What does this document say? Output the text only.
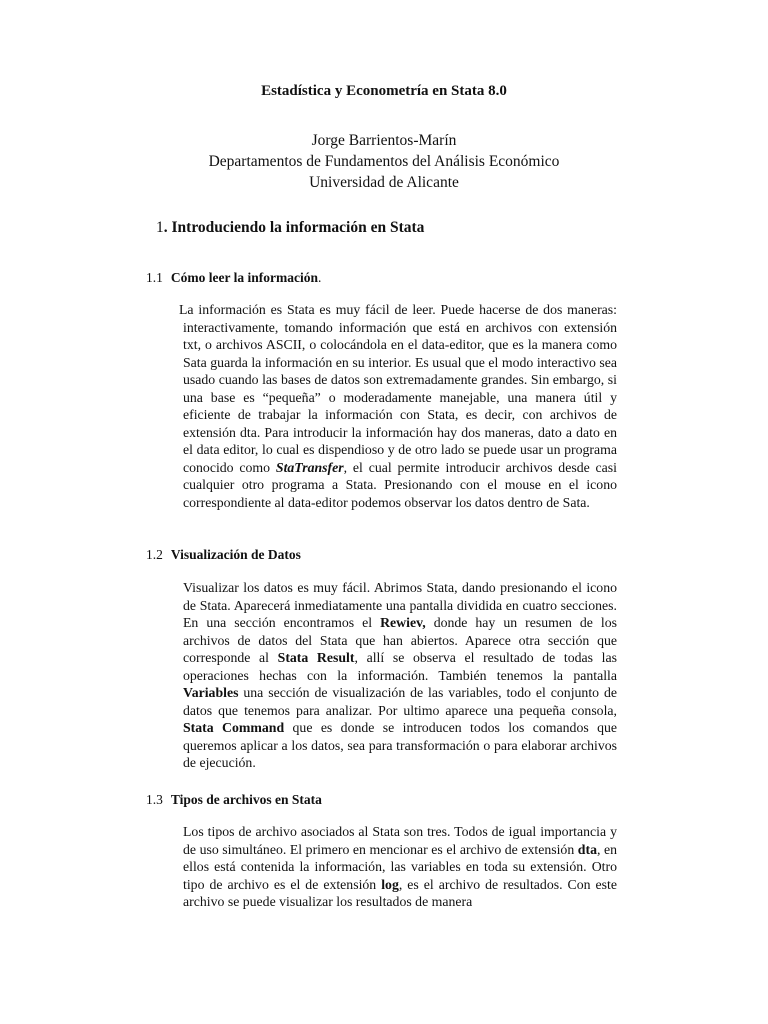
Estadística y Econometría en Stata 8.0
Jorge Barrientos-Marín
Departamentos de Fundamentos del Análisis Económico
Universidad de Alicante
1. Introduciendo la información en Stata
1.1 Cómo leer la información.
La información es Stata es muy fácil de leer. Puede hacerse de dos maneras: interactivamente, tomando información que está en archivos con extensión txt, o archivos ASCII, o colocándola en el data-editor, que es la manera como Sata guarda la información en su interior. Es usual que el modo interactivo sea usado cuando las bases de datos son extremadamente grandes. Sin embargo, si una base es “pequeña” o moderadamente manejable, una manera útil y eficiente de trabajar la información con Stata, es decir, con archivos de extensión dta. Para introducir la información hay dos maneras, dato a dato en el data editor, lo cual es dispendioso y de otro lado se puede usar un programa conocido como StaTransfer, el cual permite introducir archivos desde casi cualquier otro programa a Stata. Presionando con el mouse en el icono correspondiente al data-editor podemos observar los datos dentro de Sata.
1.2 Visualización de Datos
Visualizar los datos es muy fácil. Abrimos Stata, dando presionando el icono de Stata. Aparecerá inmediatamente una pantalla dividida en cuatro secciones. En una sección encontramos el Rewiev, donde hay un resumen de los archivos de datos del Stata que han abiertos. Aparece otra sección que corresponde al Stata Result, allí se observa el resultado de todas las operaciones hechas con la información. También tenemos la pantalla Variables una sección de visualización de las variables, todo el conjunto de datos que tenemos para analizar. Por ultimo aparece una pequeña consola, Stata Command que es donde se introducen todos los comandos que queremos aplicar a los datos, sea para transformación o para elaborar archivos de ejecución.
1.3 Tipos de archivos en Stata
Los tipos de archivo asociados al Stata son tres. Todos de igual importancia y de uso simultáneo. El primero en mencionar es el archivo de extensión dta, en ellos está contenida la información, las variables en toda su extensión. Otro tipo de archivo es el de extensión log, es el archivo de resultados. Con este archivo se puede visualizar los resultados de manera
